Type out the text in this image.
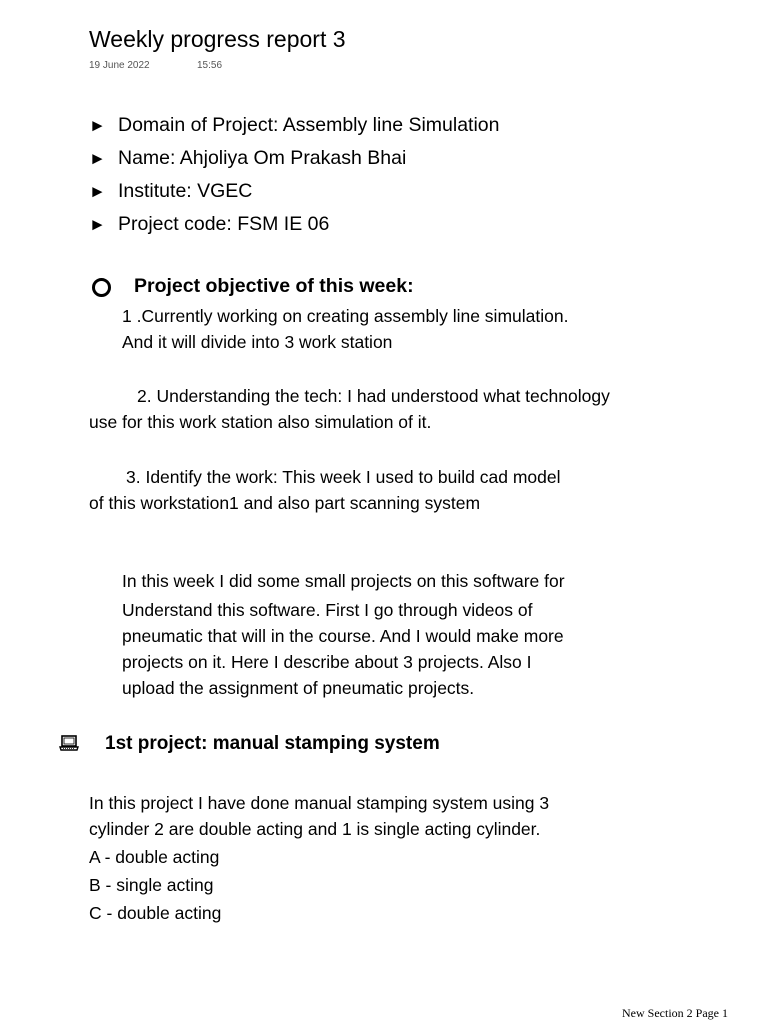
Weekly progress report 3
19 June 2022	15:56
► Domain of Project: Assembly line Simulation
► Name: Ahjoliya Om Prakash Bhai
► Institute: VGEC
► Project code: FSM IE 06
Project objective of this week:
1 .Currently working on creating assembly line simulation.
And it will divide into 3 work station
2. Understanding the tech: I had understood what technology
use for this work station also simulation of it.
3. Identify the work: This week I used to build cad model
of this workstation1 and also part scanning system
In this week I did some small projects on this software for
Understand this software. First I go through videos of
pneumatic that will in the course. And I would make more
projects on it. Here I describe about 3 projects. Also I
upload the assignment of pneumatic projects.
1st project: manual stamping system
In this project I have done manual stamping system using 3
cylinder 2 are double acting and 1 is single acting cylinder.
A - double acting
B - single acting
C - double acting
New Section 2 Page 1
